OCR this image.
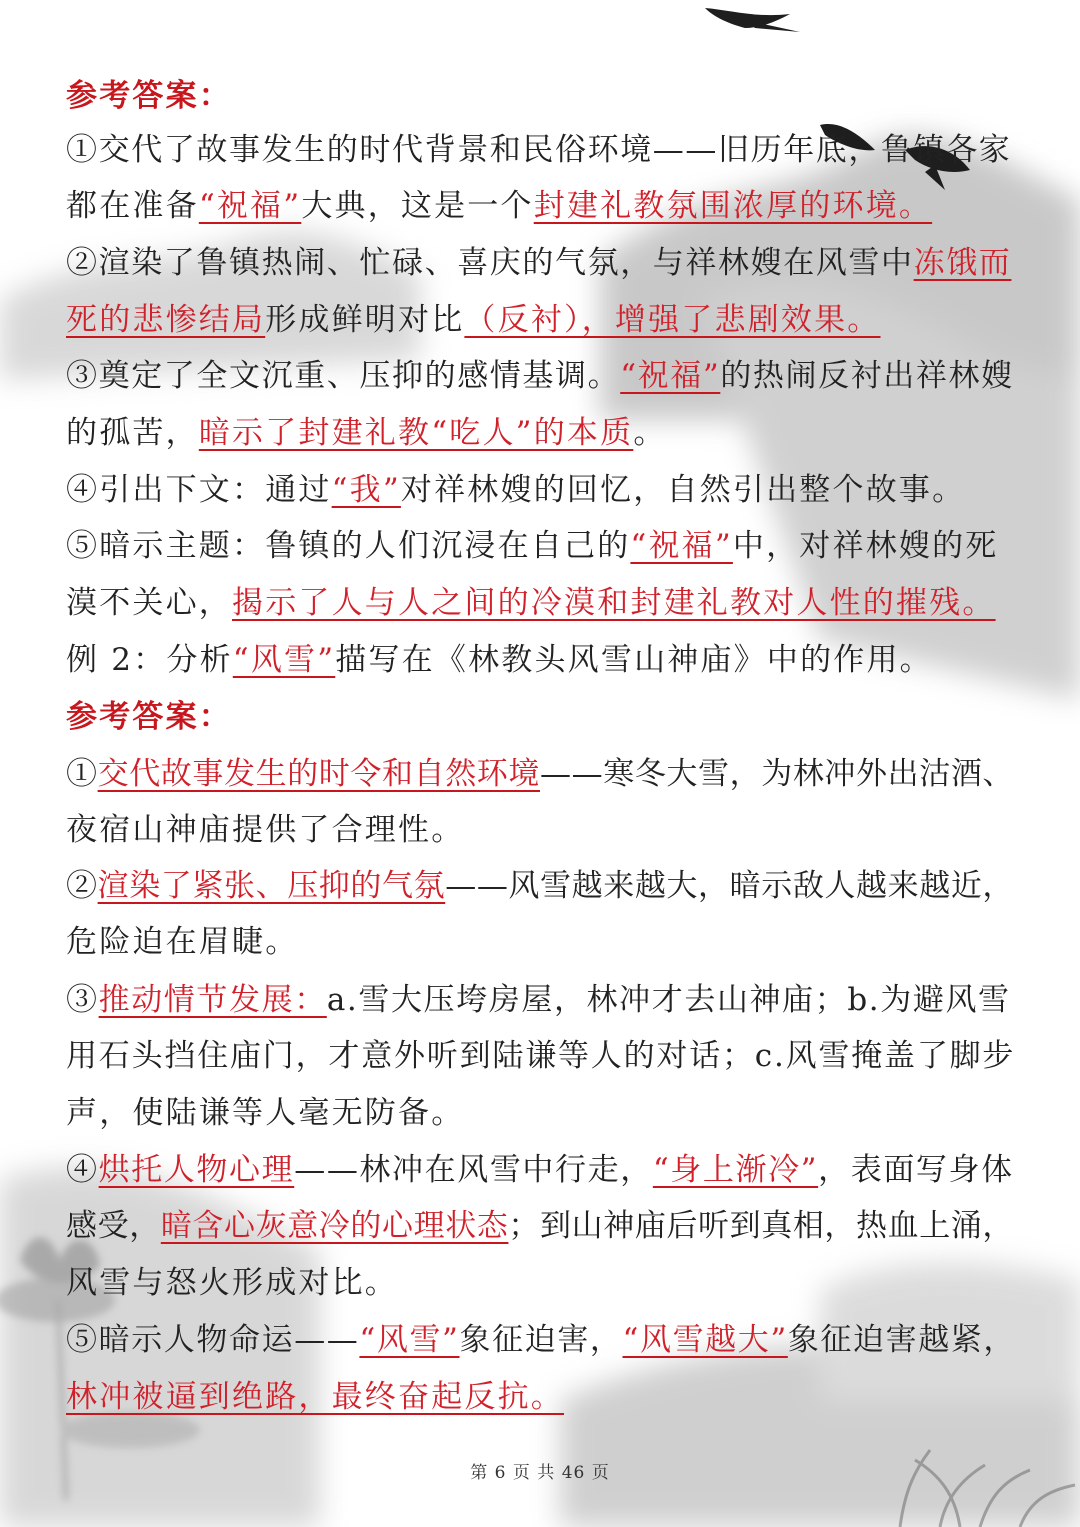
参考答案：
①交代了故事发生的时代背景和民俗环境——旧历年底，鲁镇各家
都在准备“祝福”大典，这是一个封建礼教氛围浓厚的环境。
②渲染了鲁镇热闹、忙碌、喜庆的气氛，与祥林嫂在风雪中冻饿而
死的悲惨结局形成鲜明对比（反衬），增强了悲剧效果。
③奠定了全文沉重、压抑的感情基调。“祝福”的热闹反衬出祥林嫂
的孤苦，暗示了封建礼教“吃人”的本质。
④引出下文：通过“我”对祥林嫂的回忆，自然引出整个故事。
⑤暗示主题：鲁镇的人们沉浸在自己的“祝福”中，对祥林嫂的死
漠不关心，揭示了人与人之间的冷漠和封建礼教对人性的摧残。
例 2：分析“风雪”描写在《林教头风雪山神庙》中的作用。
参考答案：
①交代故事发生的时令和自然环境——寒冬大雪，为林冲外出沽酒、
夜宿山神庙提供了合理性。
②渲染了紧张、压抑的气氛——风雪越来越大，暗示敌人越来越近，
危险迫在眉睫。
③推动情节发展：a.雪大压垮房屋，林冲才去山神庙；b.为避风雪
用石头挡住庙门，才意外听到陆谦等人的对话；c.风雪掩盖了脚步
声，使陆谦等人毫无防备。
④烘托人物心理——林冲在风雪中行走，“身上渐冷”，表面写身体
感受，暗含心灰意冷的心理状态；到山神庙后听到真相，热血上涌，
风雪与怒火形成对比。
⑤暗示人物命运——“风雪”象征迫害，“风雪越大”象征迫害越紧，
林冲被逼到绝路，最终奋起反抗。
第 6 页 共 46 页
